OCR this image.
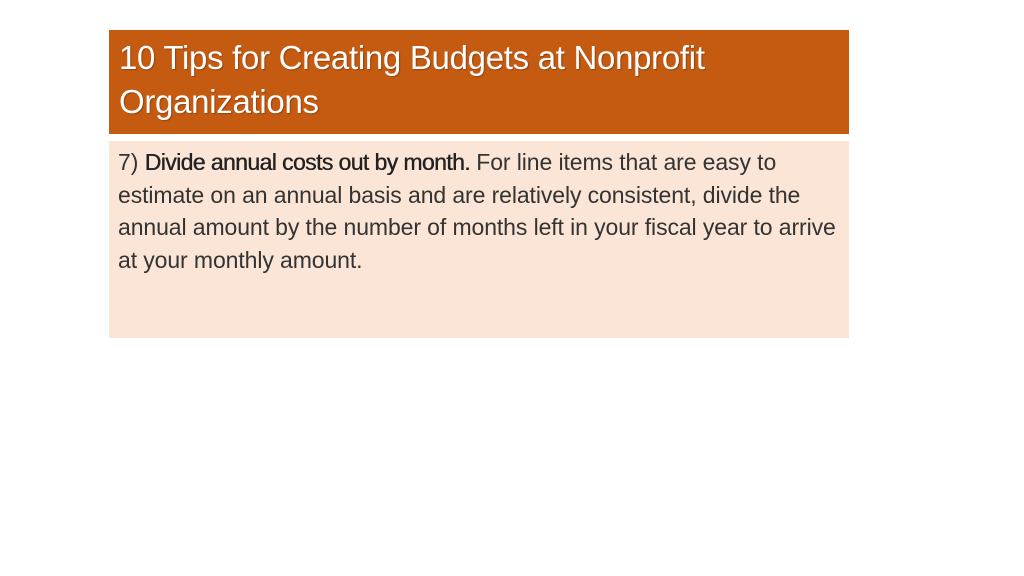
10 Tips for Creating Budgets at Nonprofit Organizations

7) Divide annual costs out by month. For line items that are easy to estimate on an annual basis and are relatively consistent, divide the annual amount by the number of months left in your fiscal year to arrive at your monthly amount.
